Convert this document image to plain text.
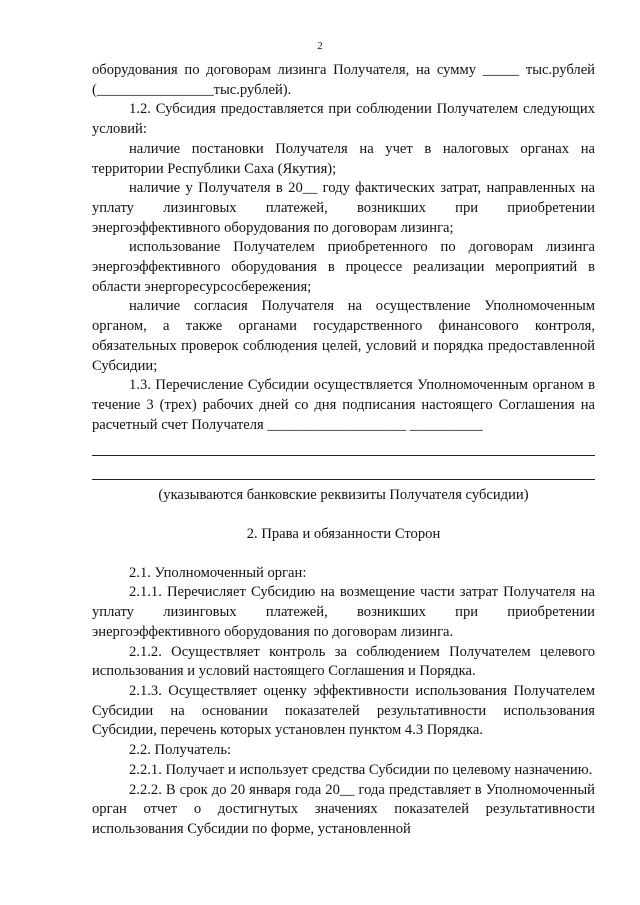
2

оборудования по договорам лизинга Получателя, на сумму _____ тыс.рублей (________________тыс.рублей).

1.2. Субсидия предоставляется при соблюдении Получателем следующих условий:

наличие постановки Получателя на учет в налоговых органах на территории Республики Саха (Якутия);

наличие у Получателя в 20__ году фактических затрат, направленных на уплату лизинговых платежей, возникших при приобретении энергоэффективного оборудования по договорам лизинга;

использование Получателем приобретенного по договорам лизинга энергоэффективного оборудования в процессе реализации мероприятий в области энергоресурсосбережения;

наличие согласия Получателя на осуществление Уполномоченным органом, а также органами государственного финансового контроля, обязательных проверок соблюдения целей, условий и порядка предоставленной Субсидии;

1.3. Перечисление Субсидии осуществляется Уполномоченным органом в течение 3 (трех) рабочих дней со дня подписания настоящего Соглашения на расчетный счет Получателя ___________________ __________

(указываются банковские реквизиты Получателя субсидии)

2. Права и обязанности Сторон

2.1. Уполномоченный орган:

2.1.1. Перечисляет Субсидию на возмещение части затрат Получателя на уплату лизинговых платежей, возникших при приобретении энергоэффективного оборудования по договорам лизинга.

2.1.2. Осуществляет контроль за соблюдением Получателем целевого использования и условий настоящего Соглашения и Порядка.

2.1.3. Осуществляет оценку эффективности использования Получателем Субсидии на основании показателей результативности использования Субсидии, перечень которых установлен пунктом 4.3 Порядка.

2.2. Получатель:

2.2.1. Получает и использует средства Субсидии по целевому назначению.

2.2.2. В срок до 20 января года 20__ года представляет в Уполномоченный орган отчет о достигнутых значениях показателей результативности использования Субсидии по форме, установленной
